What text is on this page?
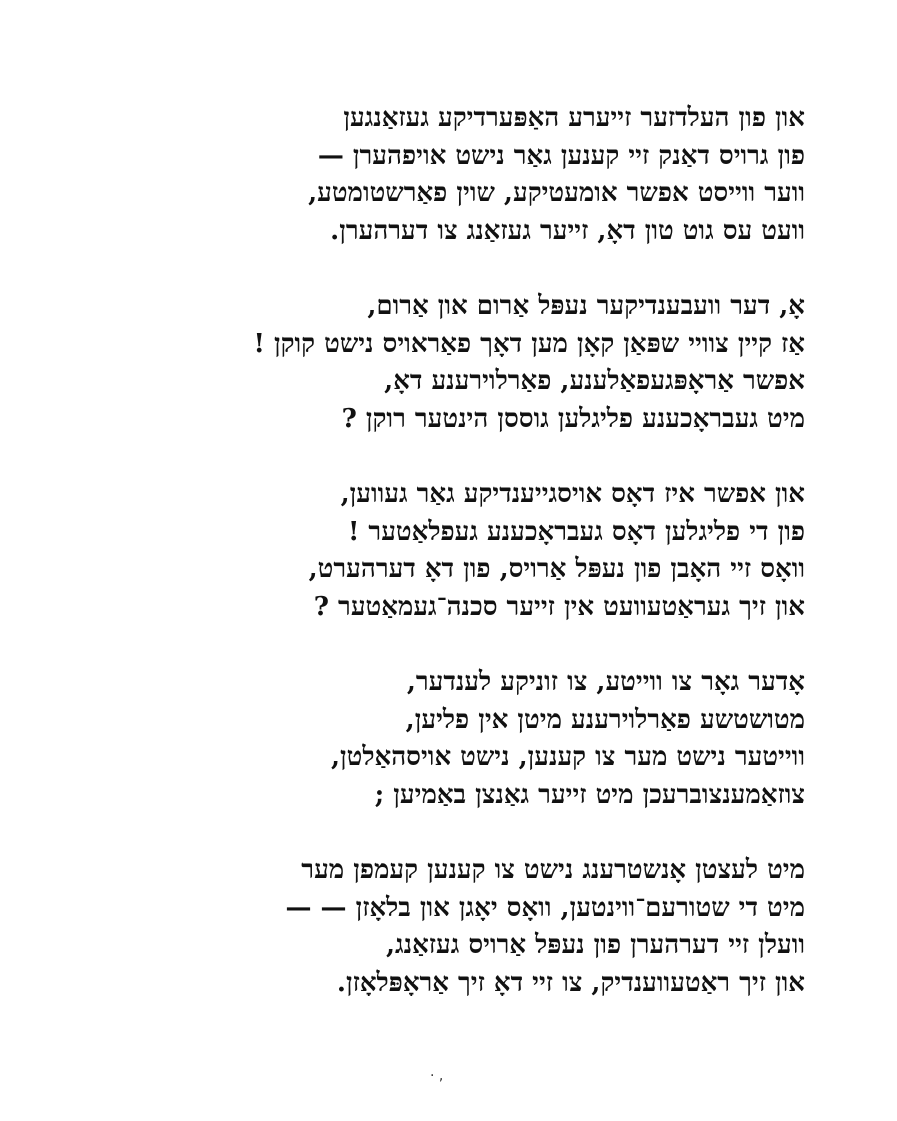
און פון העלדזער זייערע האַפּערדיקע געזאַנגען
פון גרויס דאַנק זיי קענען גאַר נישט אויפהערן —
ווער ווייסט אפשר אומעטיקע, שוין פאַרשטומטע,
וועט עס גוט טון דאָ, זייער געזאַנג צו דערהערן.
אָ, דער וועבענדיקער נעפּל אַרום און אַרום,
אַז קיין צוויי שפּאַן קאָן מען דאָך פאַראויס נישט קוקן !
אפשר אַראָפּגעפאַלענע, פאַרלוירענע דאָ,
מיט געבראָכענע פליגלען גוססן הינטער רוקן ?
און אפשר איז דאָס אויסגייענדיקע גאַר געווען,
פון די פליגלען דאָס געבראָכענע געפלאַטער !
וואָס זיי האָבן פון נעפּל אַרויס, פון דאָ דערהערט,
און זיך געראַטעוועט אין זייער סכנה־געמאַטער ?
אָדער גאָר צו ווייטע, צו זוניקע לענדער,
מטושטשע פאַרלוירענע מיטן אין פליען,
ווייטער נישט מער צו קענען, נישט אויסהאַלטן,
צוזאַמענצוברעכן מיט זייער גאַנצן באַמיען ;
מיט לעצטן אָנשטרענג נישט צו קענען קעמפן מער
מיט די שטורעם־ווינטען, וואָס יאָגן און בלאָזן — —
וועלן זיי דערהערן פון נעפּל אַרויס געזאַנג,
און זיך ראַטעווענדיק, צו זיי דאָ זיך אַראָפּלאָזן.
· ,
